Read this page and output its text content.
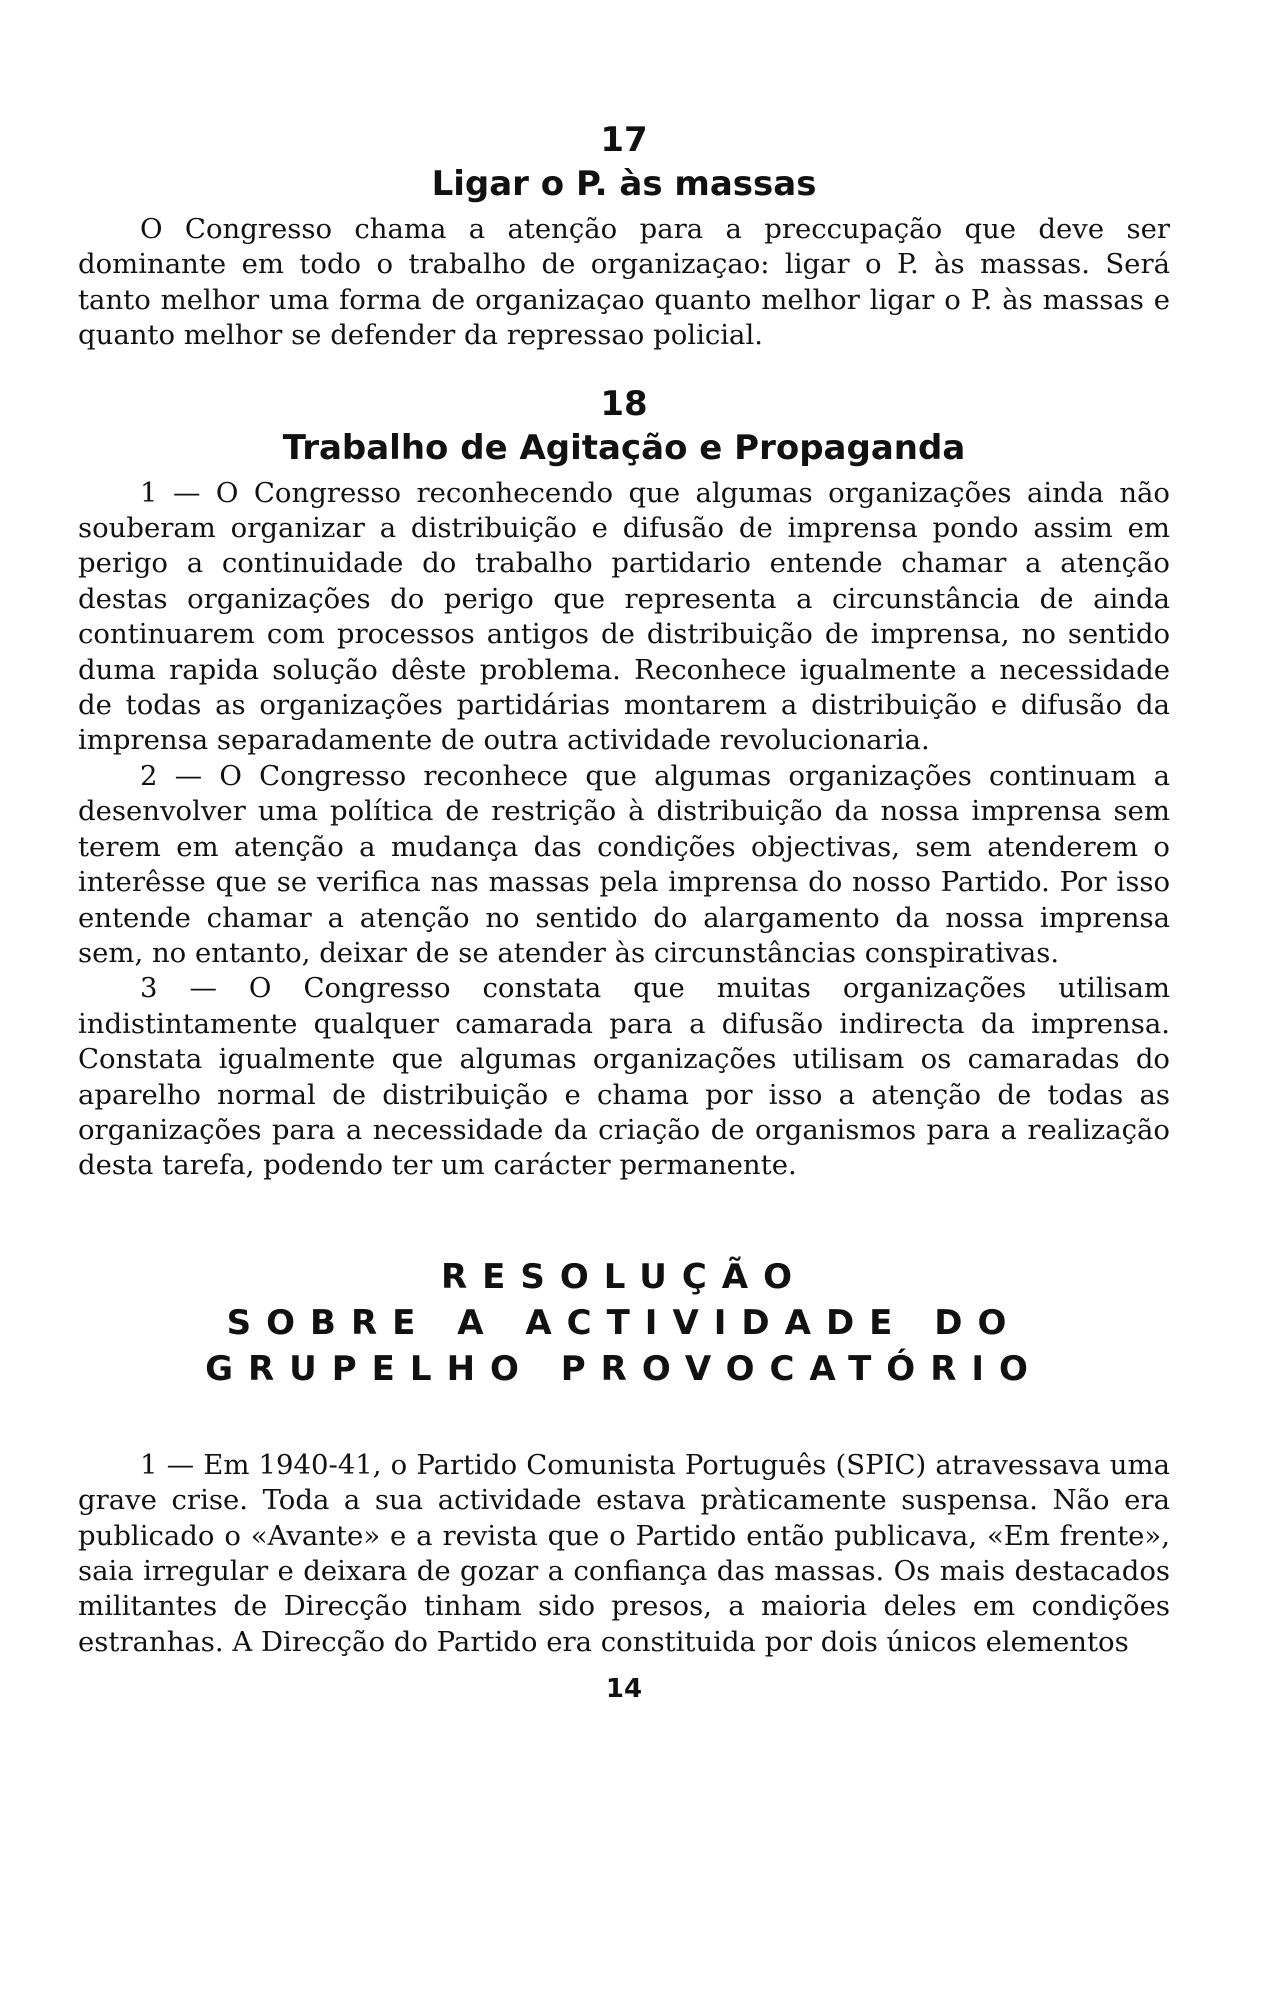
17
Ligar o P. às massas

O Congresso chama a atenção para a preccupação que deve ser dominante em todo o trabalho de organizaçao: ligar o P. às massas. Será tanto melhor uma forma de organizaçao quanto melhor ligar o P. às massas e quanto melhor se defender da repressao policial.

18
Trabalho de Agitação e Propaganda

1 — O Congresso reconhecendo que algumas organizações ainda não souberam organizar a distribuição e difusão de imprensa pondo assim em perigo a continuidade do trabalho partidario entende chamar a atenção destas organizações do perigo que representa a circunstância de ainda continuarem com processos antigos de distribuição de imprensa, no sentido duma rapida solução dêste problema. Reconhece igualmente a necessidade de todas as organizações partidárias montarem a distribuição e difusão da imprensa separadamente de outra actividade revolucionaria.

2 — O Congresso reconhece que algumas organizações continuam a desenvolver uma política de restrição à distribuição da nossa imprensa sem terem em atenção a mudança das condições objectivas, sem atenderem o interêsse que se verifica nas massas pela imprensa do nosso Partido. Por isso entende chamar a atenção no sentido do alargamento da nossa imprensa sem, no entanto, deixar de se atender às circunstâncias conspirativas.

3 — O Congresso constata que muitas organizações utilisam indistintamente qualquer camarada para a difusão indirecta da imprensa. Constata igualmente que algumas organizações utilisam os camaradas do aparelho normal de distribuição e chama por isso a atenção de todas as organizações para a necessidade da criação de organismos para a realização desta tarefa, podendo ter um carácter permanente.

RESOLUÇÃO
SOBRE A ACTIVIDADE DO
GRUPELHO PROVOCATÓRIO

1 — Em 1940-41, o Partido Comunista Português (SPIC) atravessava uma grave crise. Toda a sua actividade estava pràticamente suspensa. Não era publicado o «Avante» e a revista que o Partido então publicava, «Em frente», saia irregular e deixara de gozar a confiança das massas. Os mais destacados militantes de Direcção tinham sido presos, a maioria deles em condições estranhas. A Direcção do Partido era constituida por dois únicos elementos

14
